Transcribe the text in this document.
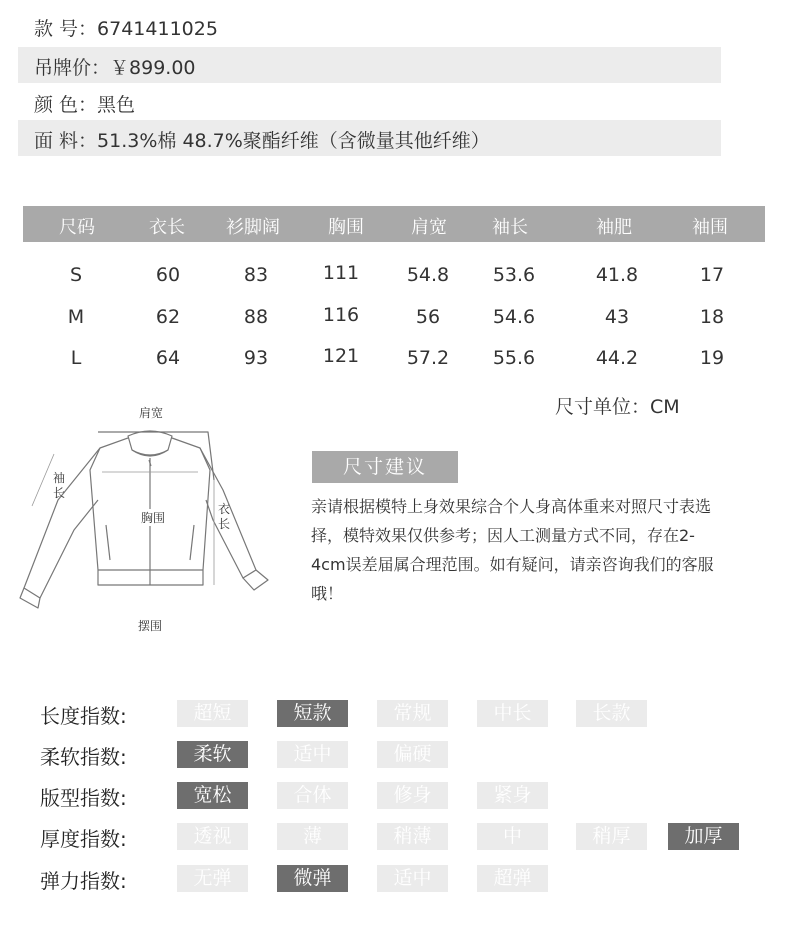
款 号：6741411025
吊牌价：￥899.00
颜 色：黑色
面 料：51.3%棉 48.7%聚酯纤维（含微量其他纤维）
尺码	衣长	衫脚阔	胸围	肩宽	袖长	袖肥	袖围
S	60	83	111	54.8	53.6	41.8	17
M	62	88	116	56	54.6	43	18
L	64	93	121	57.2	55.6	44.2	19
尺寸单位：CM
肩宽
袖长
胸围
衣长
摆围
尺寸建议
亲请根据模特上身效果综合个人身高体重来对照尺寸表选择，模特效果仅供参考；因人工测量方式不同，存在2-4cm误差届属合理范围。如有疑问，请亲咨询我们的客服哦！
长度指数:	超短	短款	常规	中长	长款
柔软指数:	柔软	适中	偏硬
版型指数:	宽松	合体	修身	紧身
厚度指数:	透视	薄	稍薄	中	稍厚	加厚
弹力指数:	无弹	微弹	适中	超弹
